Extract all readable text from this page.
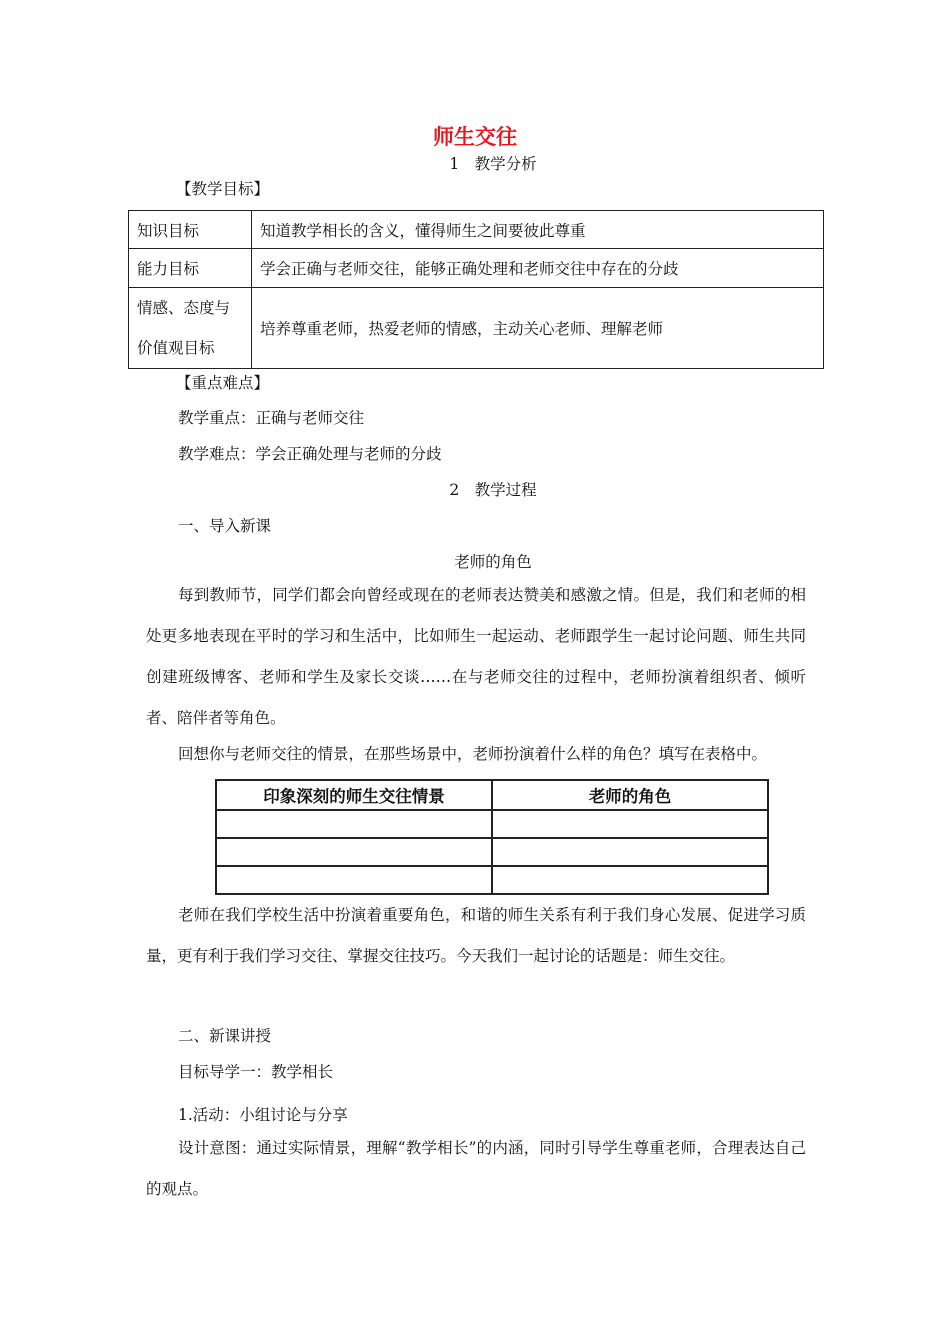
师生交往
1　教学分析
【教学目标】
知识目标	知道教学相长的含义，懂得师生之间要彼此尊重
能力目标	学会正确与老师交往，能够正确处理和老师交往中存在的分歧

情感、态度与
价值观目标	培养尊重老师，热爱老师的情感，主动关心老师、理解老师
【重点难点】
教学重点：正确与老师交往
教学难点：学会正确处理与老师的分歧
2　教学过程
一、导入新课
老师的角色
每到教师节，同学们都会向曾经或现在的老师表达赞美和感激之情。但是，我们和老师的相处更多地表现在平时的学习和生活中，比如师生一起运动、老师跟学生一起讨论问题、师生共同创建班级博客、老师和学生及家长交谈……在与老师交往的过程中，老师扮演着组织者、倾听者、陪伴者等角色。
回想你与老师交往的情景，在那些场景中，老师扮演着什么样的角色？填写在表格中。
印象深刻的师生交往情景	老师的角色

老师在我们学校生活中扮演着重要角色，和谐的师生关系有利于我们身心发展、促进学习质量，更有利于我们学习交往、掌握交往技巧。今天我们一起讨论的话题是：师生交往。
二、新课讲授
目标导学一：教学相长
1.活动：小组讨论与分享
设计意图：通过实际情景，理解“教学相长”的内涵，同时引导学生尊重老师，合理表达自己的观点。
